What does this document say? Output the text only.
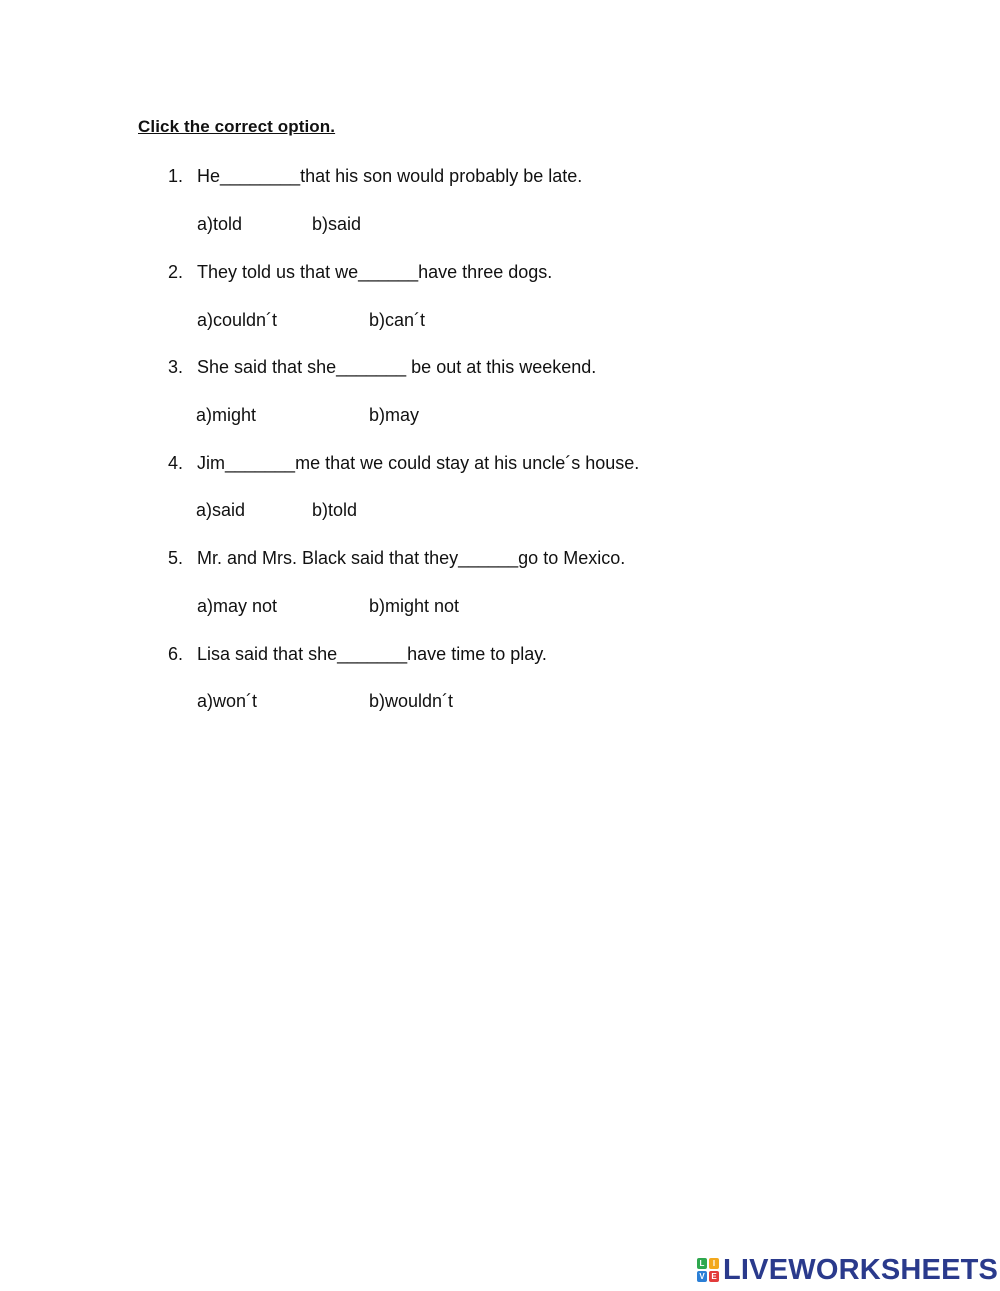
Click the correct option.

1.

He________that his son would probably be late.

a)told	b)said

2.

They told us that we______have three dogs.

a)couldn´t	b)can´t

3.

She said that she_______ be out at this weekend.

a)might	b)may

4.

Jim_______me that we could stay at his uncle´s house.

a)said	b)told

5.

Mr. and Mrs. Black said that they______go to Mexico.

a)may not	b)might not

6.

Lisa said that she_______have time to play.

a)won´t	b)wouldn´t
L	I
V E LIVEWORKSHEETS
